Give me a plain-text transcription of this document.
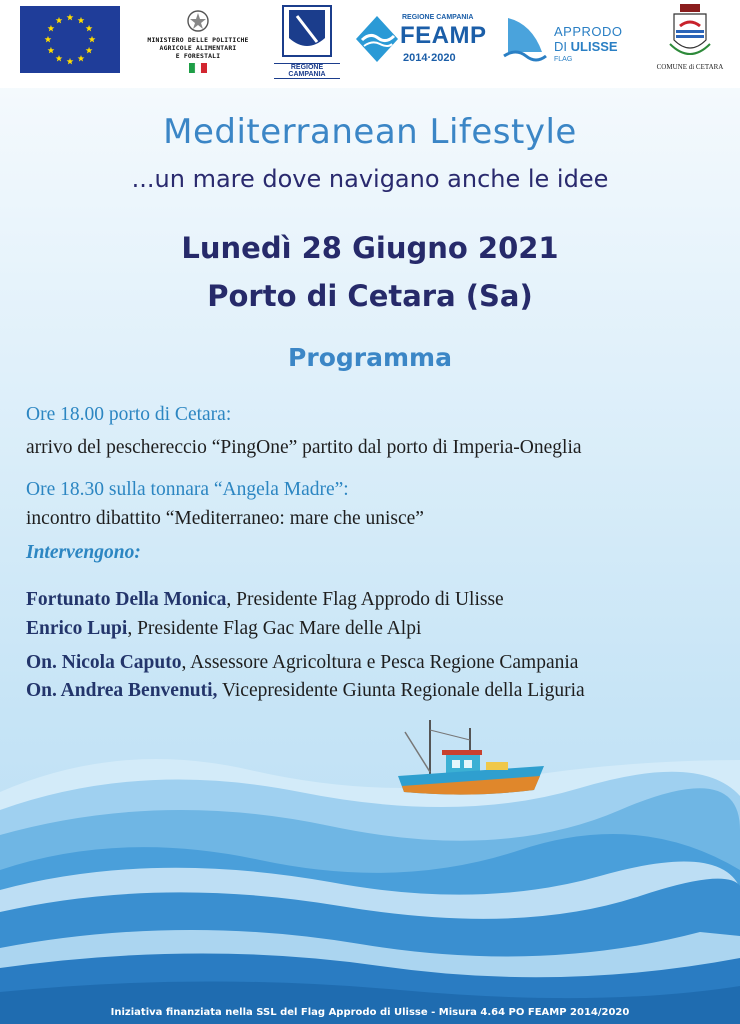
MINISTERO DELLE POLITICHE
AGRICOLE ALIMENTARI
E FORESTALI
REGIONE CAMPANIA
REGIONE CAMPANIA
FEAMP
2014·2020
APPRODO
DI ULISSE
FLAG
COMUNE di CETARA
Mediterranean Lifestyle
...un mare dove navigano anche le idee
Lunedì 28 Giugno 2021
Porto di Cetara (Sa)
Programma
Ore 18.00 porto di Cetara:
arrivo del peschereccio “PingOne” partito dal porto di Imperia-Oneglia
Ore 18.30 sulla tonnara “Angela Madre”:
incontro dibattito “Mediterraneo: mare che unisce”
Intervengono:
Fortunato Della Monica, Presidente Flag Approdo di Ulisse
Enrico Lupi, Presidente Flag Gac Mare delle Alpi
On. Nicola Caputo, Assessore Agricoltura e Pesca Regione Campania
On. Andrea Benvenuti, Vicepresidente Giunta Regionale della Liguria
Iniziativa finanziata nella SSL del Flag Approdo di Ulisse - Misura 4.64 PO FEAMP 2014/2020
